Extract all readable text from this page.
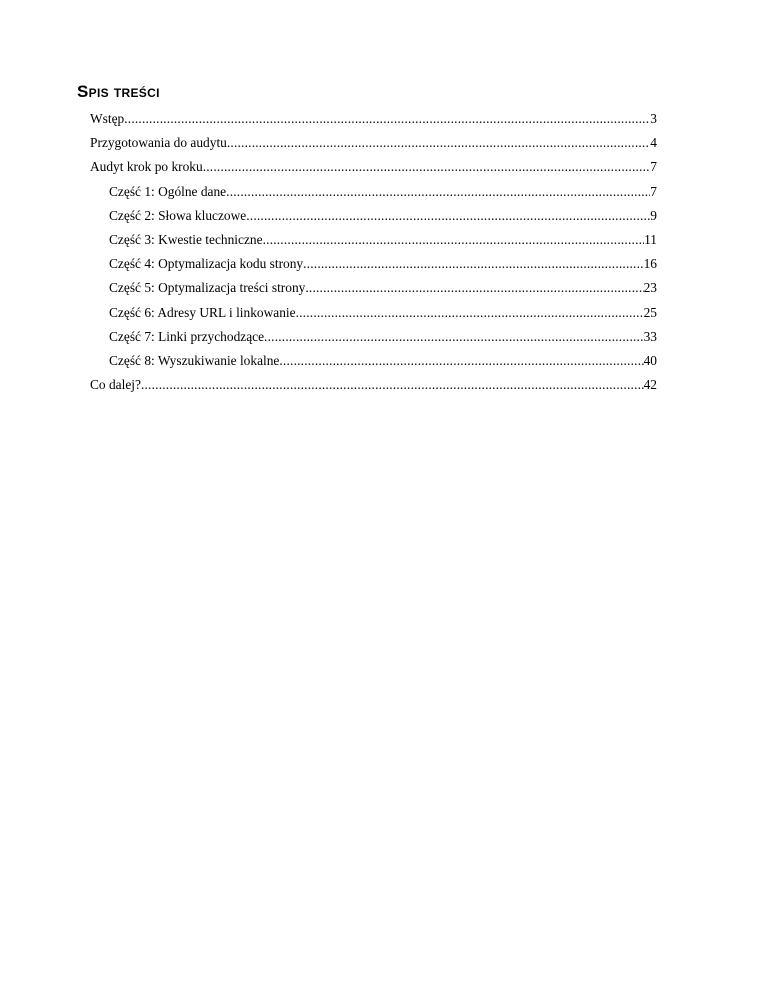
Spis treści
Wstęp .....	3
Przygotowania do audytu .....	4
Audyt krok po kroku .....	7
Część 1: Ogólne dane .....	7
Część 2: Słowa kluczowe .....	9
Część 3: Kwestie techniczne .....	11
Część 4: Optymalizacja kodu strony .....	16
Część 5: Optymalizacja treści strony .....	23
Część 6: Adresy URL i linkowanie .....	25
Część 7: Linki przychodzące .....	33
Część 8: Wyszukiwanie lokalne .....	40
Co dalej? .....	42
